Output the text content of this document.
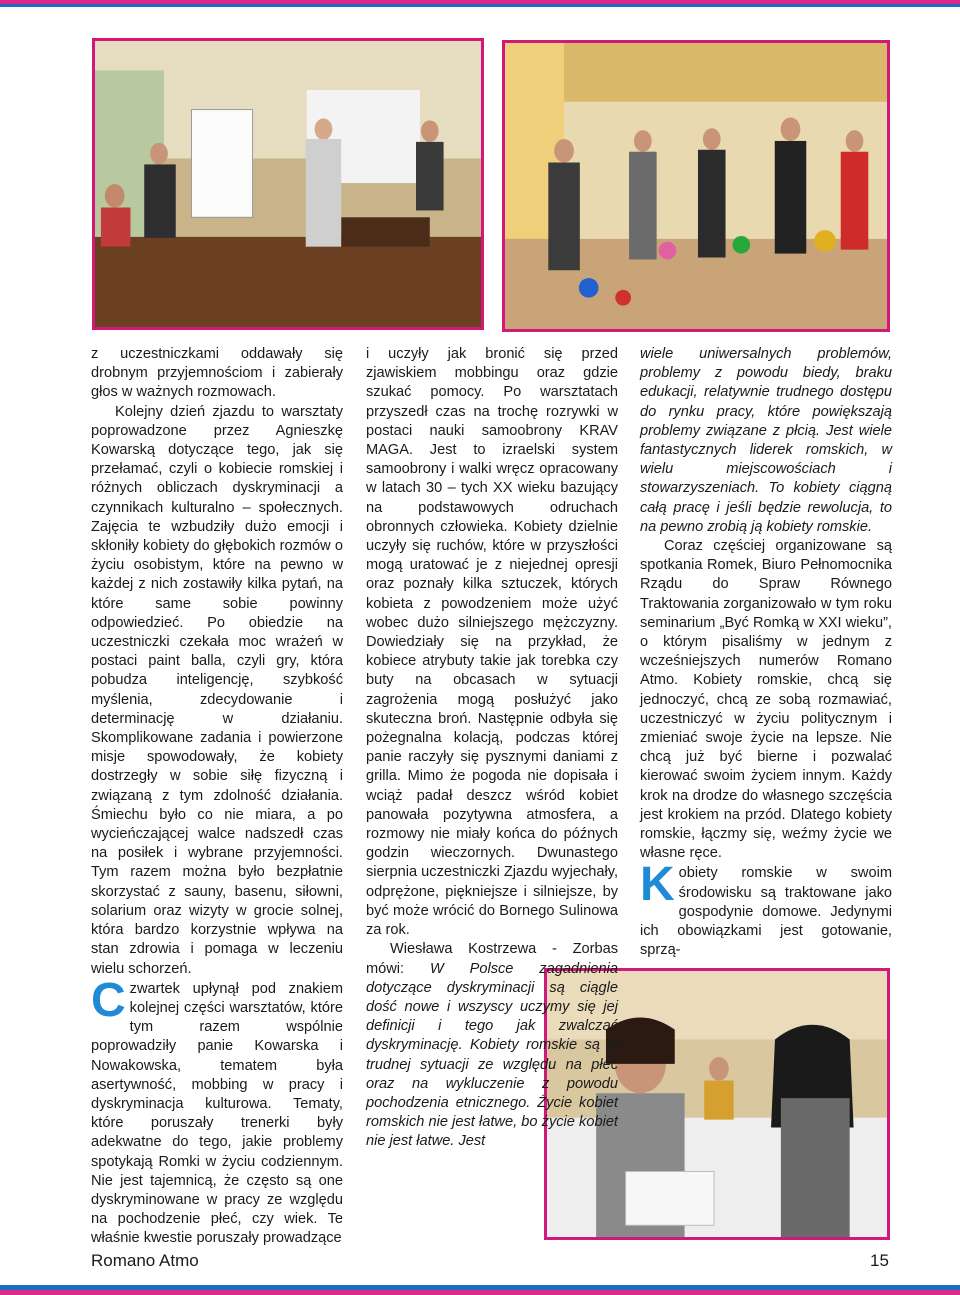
z uczestniczkami oddawały się drobnym przyjemnościom i zabierały głos w ważnych rozmowach.

Kolejny dzień zjazdu to warsztaty poprowadzone przez Agnieszkę Kowarską dotyczące tego, jak się przełamać, czyli o kobiecie romskiej i różnych obliczach dyskryminacji a czynnikach kulturalno – społecznych. Zajęcia te wzbudziły dużo emocji i skłoniły kobiety do głębokich rozmów o życiu osobistym, które na pewno w każdej z nich zostawiły kilka pytań, na które same sobie powinny odpowiedzieć. Po obiedzie na uczestniczki czekała moc wrażeń w postaci paint balla, czyli gry, która pobudza inteligencję, szybkość myślenia, zdecydowanie i determinację w działaniu. Skomplikowane zadania i powierzone misje spowodowały, że kobiety dostrzegły w sobie siłę fizyczną i związaną z tym zdolność działania. Śmiechu było co nie miara, a po wycieńczającej walce nadszedł czas na posiłek i wybrane przyjemności. Tym razem można było bezpłatnie skorzystać z sauny, basenu, siłowni, solarium oraz wizyty w grocie solnej, która bardzo korzystnie wpływa na stan zdrowia i pomaga w leczeniu wielu schorzeń.

Czwartek upłynął pod znakiem kolejnej części warsztatów, które tym razem wspólnie poprowadziły panie Kowarska i Nowakowska, tematem była asertywność, mobbing w pracy i dyskryminacja kulturowa. Tematy, które poruszały trenerki były adekwatne do tego, jakie problemy spotykają Romki w życiu codziennym. Nie jest tajemnicą, że często są one dyskryminowane w pracy ze względu na pochodzenie płeć, czy wiek. Te właśnie kwestie poruszały prowadzące

i uczyły jak bronić się przed zjawiskiem mobbingu oraz gdzie szukać pomocy. Po warsztatach przyszedł czas na trochę rozrywki w postaci nauki samoobrony KRAV MAGA. Jest to izraelski system samoobrony i walki wręcz opracowany w latach 30 – tych XX wieku bazujący na podstawowych odruchach obronnych człowieka. Kobiety dzielnie uczyły się ruchów, które w przyszłości mogą uratować je z niejednej opresji oraz poznały kilka sztuczek, których kobieta z powodzeniem może użyć wobec dużo silniejszego mężczyzny. Dowiedziały się na przykład, że kobiece atrybuty takie jak torebka czy buty na obcasach w sytuacji zagrożenia mogą posłużyć jako skuteczna broń. Następnie odbyła się pożegnalna kolacją, podczas której panie raczyły się pysznymi daniami z grilla. Mimo że pogoda nie dopisała i wciąż padał deszcz wśród kobiet panowała pozytywna atmosfera, a rozmowy nie miały końca do późnych godzin wieczornych. Dwunastego sierpnia uczestniczki Zjazdu wyjechały, odprężone, piękniejsze i silniejsze, by być może wrócić do Bornego Sulinowa za rok.

Wiesława Kostrzewa - Zorbas mówi: W Polsce zagadnienia dotyczące dyskryminacji są ciągle dość nowe i wszyscy uczymy się jej definicji i tego jak zwalczać dyskryminację. Kobiety romskie są w trudnej sytuacji ze względu na płeć oraz na wykluczenie z powodu pochodzenia etnicznego. Życie kobiet romskich nie jest łatwe, bo życie kobiet nie jest łatwe. Jest

wiele uniwersalnych problemów, problemy z powodu biedy, braku edukacji, relatywnie trudnego dostępu do rynku pracy, które powiększają problemy związane z płcią. Jest wiele fantastycznych liderek romskich, w wielu miejscowościach i stowarzyszeniach. To kobiety ciągną całą pracę i jeśli będzie rewolucja, to na pewno zrobią ją kobiety romskie.

Coraz częściej organizowane są spotkania Romek, Biuro Pełnomocnika Rządu do Spraw Równego Traktowania zorganizowało w tym roku seminarium „Być Romką w XXI wieku”, o którym pisaliśmy w jednym z wcześniejszych numerów Romano Atmo. Kobiety romskie, chcą się jednoczyć, chcą ze sobą rozmawiać, uczestniczyć w życiu politycznym i zmieniać swoje życie na lepsze. Nie chcą już być bierne i pozwalać kierować swoim życiem innym. Każdy krok na drodze do własnego szczęścia jest krokiem na przód. Dlatego kobiety romskie, łączmy się, weźmy życie we własne ręce.

Kobiety romskie w swoim środowisku są traktowane jako gospodynie domowe. Jedynymi ich obowiązkami jest gotowanie, sprzą-

Romano Atmo	15
